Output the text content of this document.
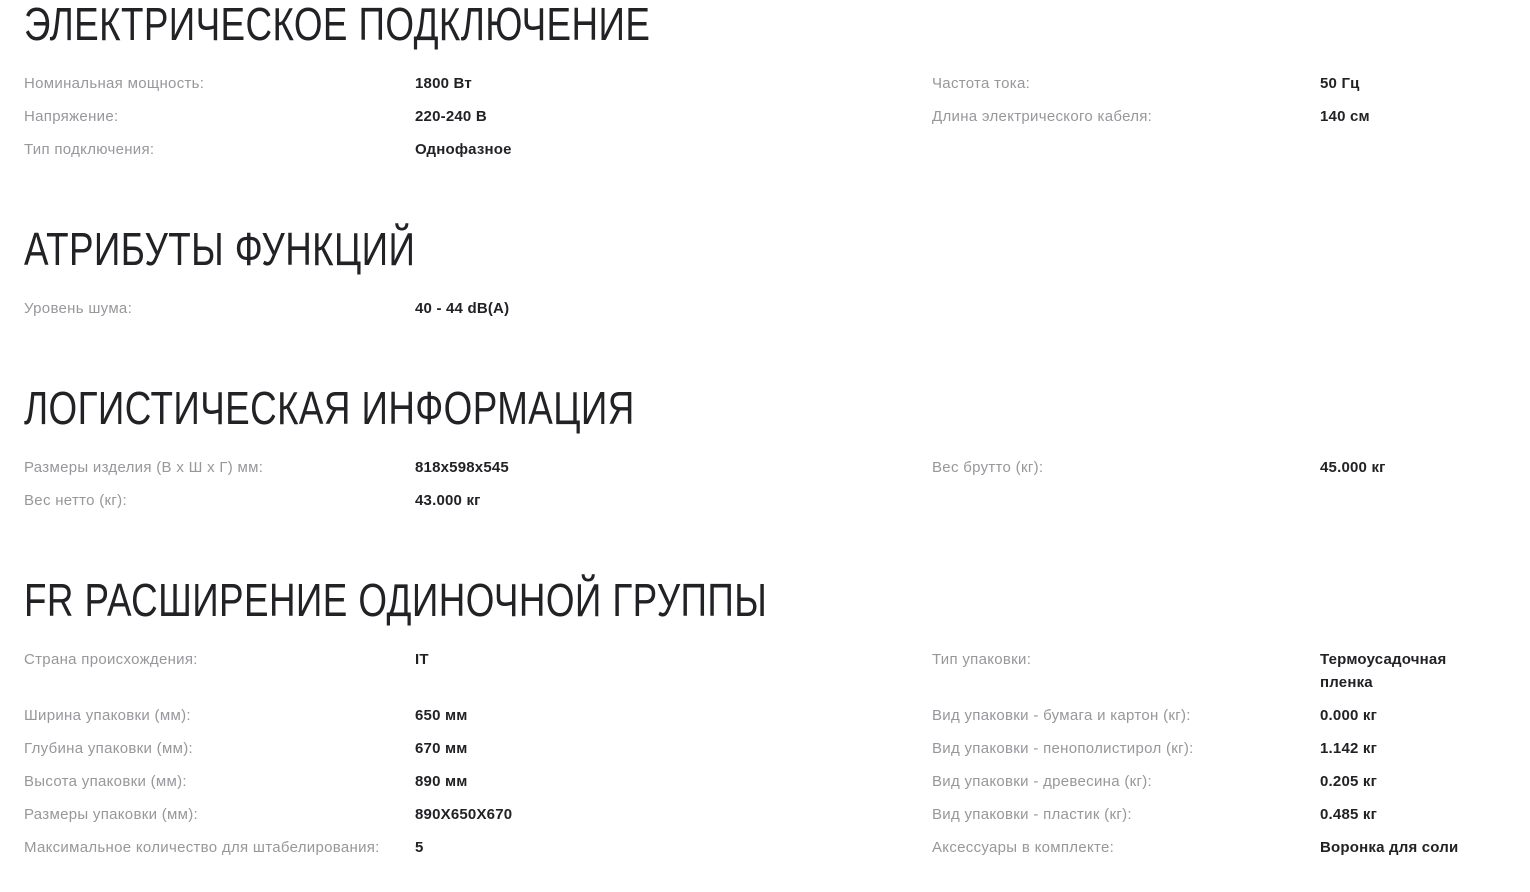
ЭЛЕКТРИЧЕСКОЕ ПОДКЛЮЧЕНИЕ
Номинальная мощность:	1800 Вт	Частота тока:	50 Гц
Напряжение:	220-240 В	Длина электрического кабеля:	140 см
Тип подключения:	Однофазное
АТРИБУТЫ ФУНКЦИЙ
Уровень шума:	40 - 44 dB(A)
ЛОГИСТИЧЕСКАЯ ИНФОРМАЦИЯ
Размеры изделия (В х Ш х Г) мм:	818x598x545	Вес брутто (кг):	45.000 кг
Вес нетто (кг):	43.000 кг
FR РАСШИРЕНИЕ ОДИНОЧНОЙ ГРУППЫ
Страна происхождения:	IT	Тип упаковки:	Термоусадочная пленка
Ширина упаковки (мм):	650 мм	Вид упаковки - бумага и картон (кг):	0.000 кг
Глубина упаковки (мм):	670 мм	Вид упаковки - пенополистирол (кг):	1.142 кг
Высота упаковки (мм):	890 мм	Вид упаковки - древесина (кг):	0.205 кг
Размеры упаковки (мм):	890X650X670	Вид упаковки - пластик (кг):	0.485 кг
Максимальное количество для штабелирования:	5	Аксессуары в комплекте:	Воронка для соли
